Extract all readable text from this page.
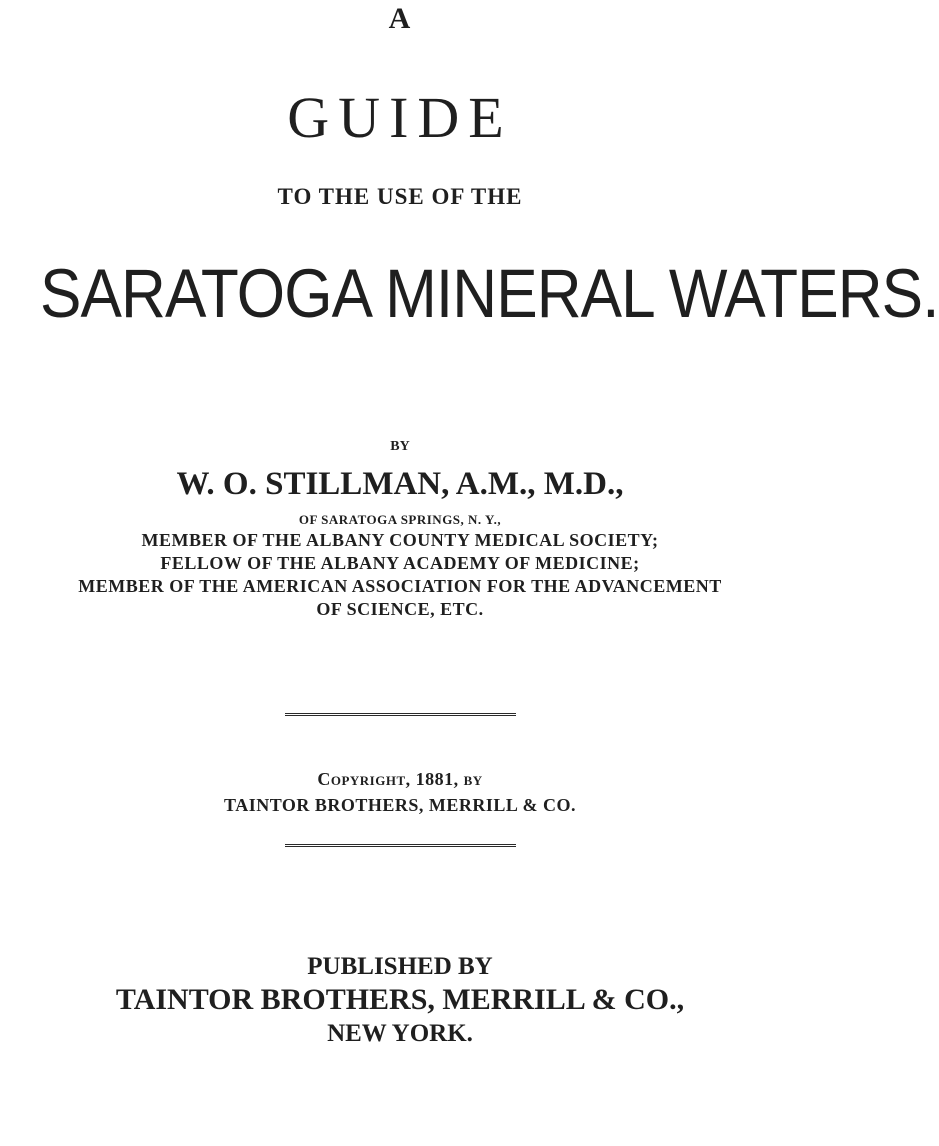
A
GUIDE
TO THE USE OF THE
SARATOGA MINERAL WATERS.
BY
W. O. STILLMAN, A.M., M.D.,
OF SARATOGA SPRINGS, N. Y.,
MEMBER OF THE ALBANY COUNTY MEDICAL SOCIETY;
FELLOW OF THE ALBANY ACADEMY OF MEDICINE;
MEMBER OF THE AMERICAN ASSOCIATION FOR THE ADVANCEMENT
OF SCIENCE, ETC.
Copyright, 1881, by
TAINTOR BROTHERS, MERRILL & CO.
PUBLISHED BY
TAINTOR BROTHERS, MERRILL & CO.,
NEW YORK.
